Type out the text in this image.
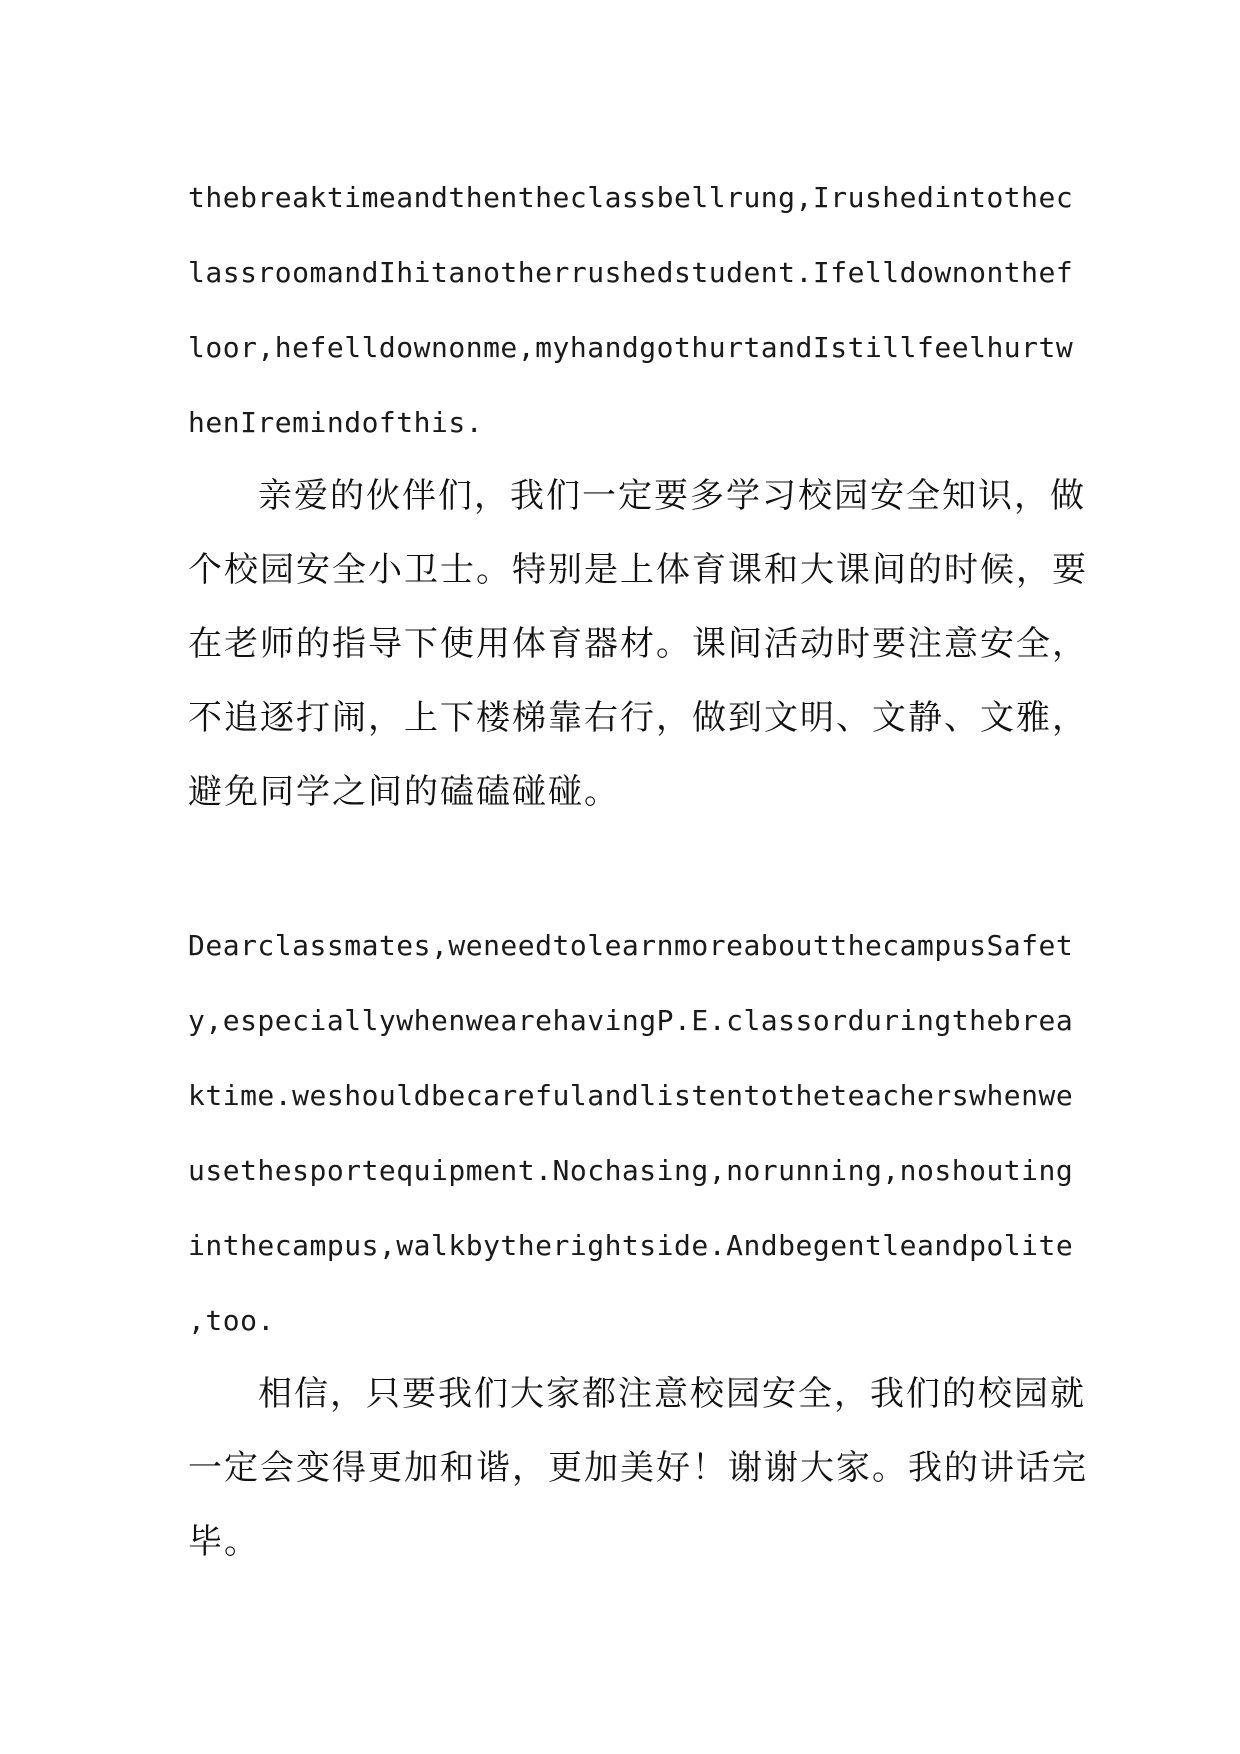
thebreaktimeandthentheclassbellrung,Irushedintothec
lassroomandIhitanotherrushedstudent.Ifelldownonthef
loor,hefelldownonme,myhandgothurtandIstillfeelhurtw
henIremindofthis.
亲爱的伙伴们，我们一定要多学习校园安全知识，做
个校园安全小卫士。特别是上体育课和大课间的时候，要
在老师的指导下使用体育器材。课间活动时要注意安全，
不追逐打闹，上下楼梯靠右行，做到文明、文静、文雅，
避免同学之间的磕磕碰碰。
Dearclassmates,weneedtolearnmoreaboutthecampusSafet
y,especiallywhenwearehavingP.E.classorduringthebrea
ktime.weshouldbecarefulandlistentotheteacherswhenwe
usethesportequipment.Nochasing,norunning,noshouting
inthecampus,walkbytherightside.Andbegentleandpolite
,too.
相信，只要我们大家都注意校园安全，我们的校园就
一定会变得更加和谐，更加美好！谢谢大家。我的讲话完
毕。
